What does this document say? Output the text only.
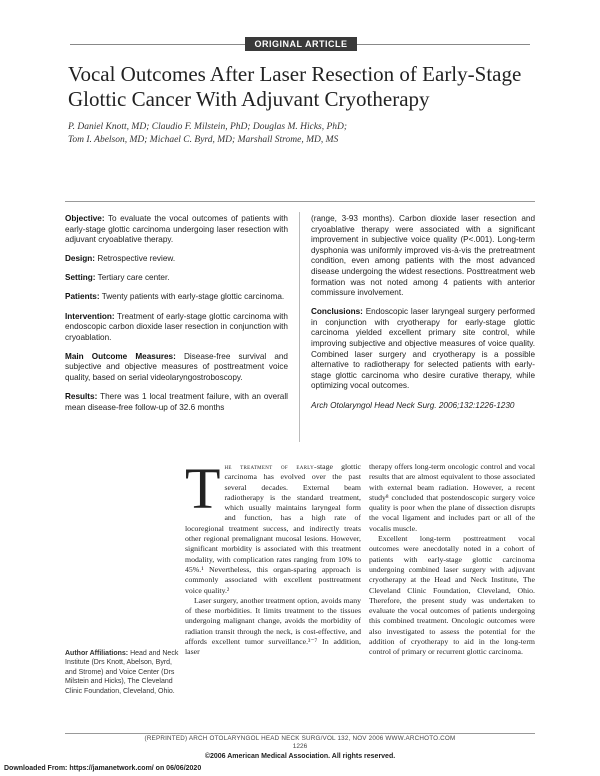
ORIGINAL ARTICLE
Vocal Outcomes After Laser Resection of Early-Stage Glottic Cancer With Adjuvant Cryotherapy
P. Daniel Knott, MD; Claudio F. Milstein, PhD; Douglas M. Hicks, PhD;
Tom I. Abelson, MD; Michael C. Byrd, MD; Marshall Strome, MD, MS

Objective: To evaluate the vocal outcomes of patients with early-stage glottic carcinoma undergoing laser resection with adjuvant cryoablative therapy.

Design: Retrospective review.

Setting: Tertiary care center.

Patients: Twenty patients with early-stage glottic carcinoma.

Intervention: Treatment of early-stage glottic carcinoma with endoscopic carbon dioxide laser resection in conjunction with cryoablation.

Main Outcome Measures: Disease-free survival and subjective and objective measures of posttreatment voice quality, based on serial videolaryngostroboscopy.

Results: There was 1 local treatment failure, with an overall mean disease-free follow-up of 32.6 months

(range, 3-93 months). Carbon dioxide laser resection and cryoablative therapy were associated with a significant improvement in subjective voice quality (P<.001). Long-term dysphonia was uniformly improved vis-à-vis the pretreatment condition, even among patients with the most advanced disease undergoing the widest resections. Posttreatment web formation was not noted among 4 patients with anterior commissure involvement.

Conclusions: Endoscopic laser laryngeal surgery performed in conjunction with cryotherapy for early-stage glottic carcinoma yielded excellent primary site control, while improving subjective and objective measures of voice quality. Combined laser surgery and cryotherapy is a possible alternative to radiotherapy for selected patients with early-stage glottic carcinoma who desire curative therapy, while optimizing vocal outcomes.

Arch Otolaryngol Head Neck Surg. 2006;132:1226-1230

The treatment of early-stage glottic carcinoma has evolved over the past several decades. External beam radiotherapy is the standard treatment, which usually maintains laryngeal form and function, has a high rate of locoregional treatment success, and indirectly treats other regional premalignant mucosal lesions. However, significant morbidity is associated with this treatment modality, with complication rates ranging from 10% to 45%.¹ Nevertheless, this organ-sparing approach is commonly associated with excellent posttreatment voice quality.²

Laser surgery, another treatment option, avoids many of these morbidities. It limits treatment to the tissues undergoing malignant change, avoids the morbidity of radiation transit through the neck, is cost-effective, and affords excellent tumor surveillance.³⁻⁷ In addition, laser

therapy offers long-term oncologic control and vocal results that are almost equivalent to those associated with external beam radiation. However, a recent study⁸ concluded that postendoscopic surgery voice quality is poor when the plane of dissection disrupts the vocal ligament and includes part or all of the vocalis muscle.

Excellent long-term posttreatment vocal outcomes were anecdotally noted in a cohort of patients with early-stage glottic carcinoma undergoing combined laser surgery with adjuvant cryotherapy at the Head and Neck Institute, The Cleveland Clinic Foundation, Cleveland, Ohio. Therefore, the present study was undertaken to evaluate the vocal outcomes of patients undergoing this combined treatment. Oncologic outcomes were also investigated to assess the potential for the addition of cryotherapy to aid in the long-term control of primary or recurrent glottic carcinoma.

Author Affiliations: Head and Neck Institute (Drs Knott, Abelson, Byrd, and Strome) and Voice Center (Drs Milstein and Hicks), The Cleveland Clinic Foundation, Cleveland, Ohio.
(REPRINTED) ARCH OTOLARYNGOL HEAD NECK SURG/VOL 132, NOV 2006 WWW.ARCHOTO.COM
1226
©2006 American Medical Association. All rights reserved.
Downloaded From: https://jamanetwork.com/ on 06/06/2020
